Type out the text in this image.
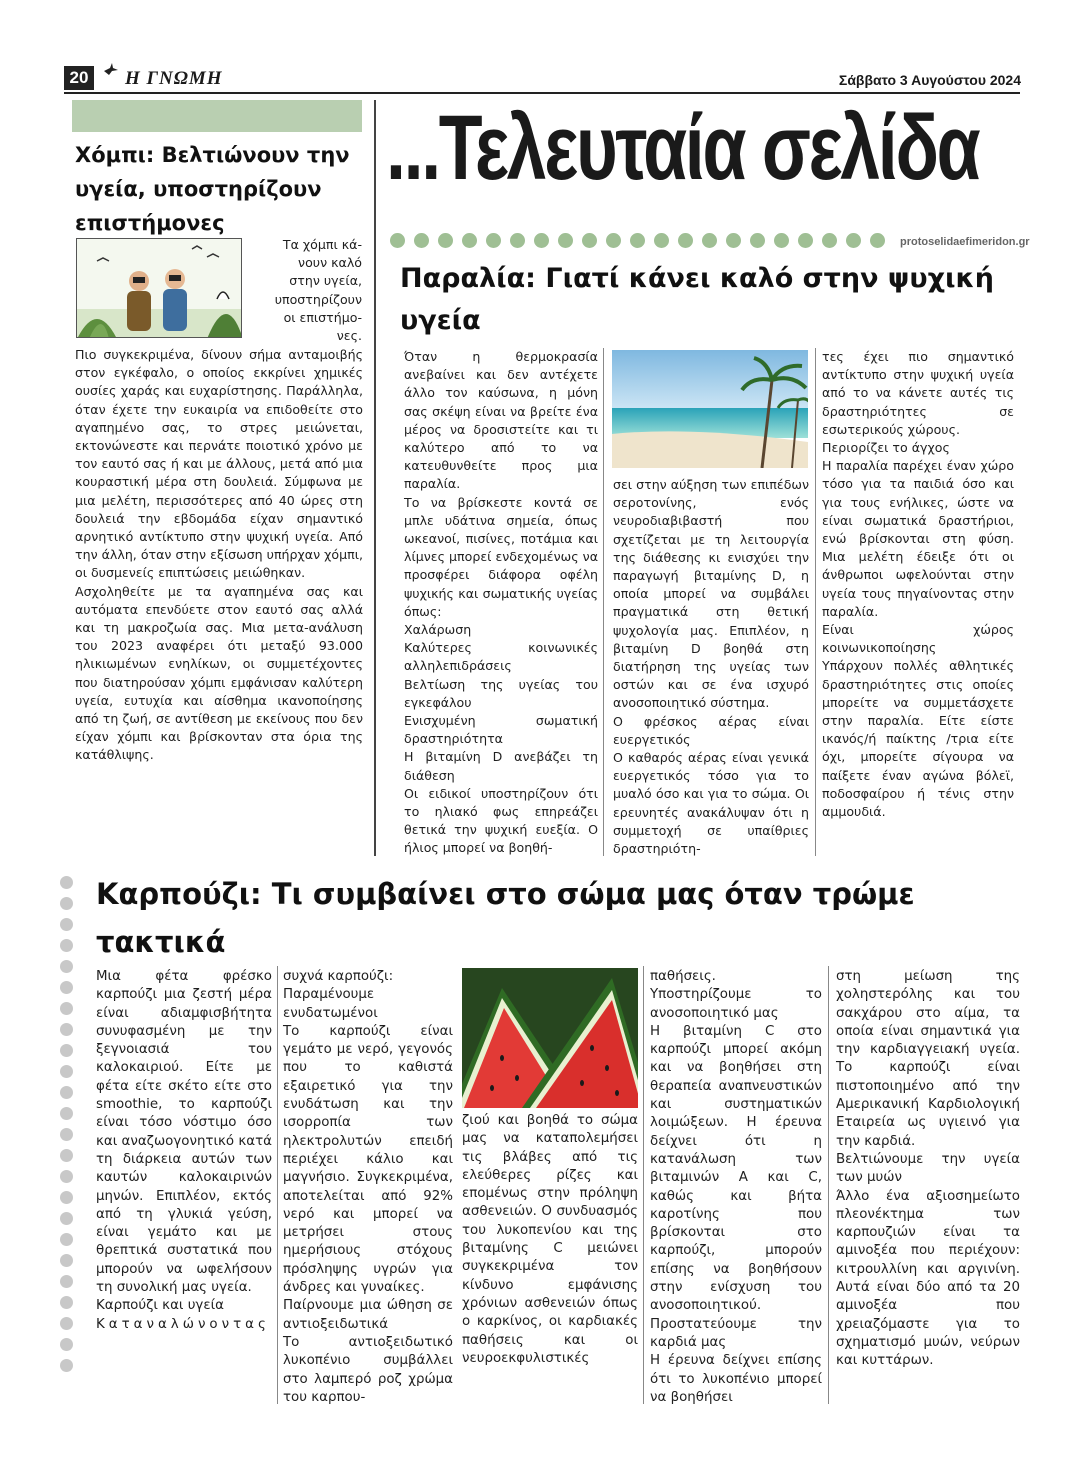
20 Η ΓΝΩΜΗ	Σάββατο 3 Αυγούστου 2024
Χόμπι: Βελτιώνουν την υγεία, υποστηρίζουν επιστήμονες
...Τελευταία σελίδα
protoselidaefimeridon.gr
Παραλία: Γιατί κάνει καλό στην ψυχική υγεία

Τα χόμπι κά-

νουν καλό

στην υγεία,

υποστηρίζουν

οι επιστήμο-

νες.

Πιο συγκεκριμένα, δίνουν σήμα ανταμοιβής στον εγκέφαλο, ο οποίος εκκρίνει χημικές ουσίες χαράς και ευχαρίστησης. Παράλληλα, όταν έχετε την ευκαιρία να επιδοθείτε στο αγαπημένο σας, το στρες μειώνεται, εκτονώνεστε και περνάτε ποιοτικό χρόνο με τον εαυτό σας ή και με άλλους, μετά από μια κουραστική μέρα στη δουλειά. Σύμφωνα με μια μελέτη, περισσότερες από 40 ώρες στη δουλειά την εβδομάδα είχαν σημαντικό αρνητικό αντίκτυπο στην ψυχική υγεία. Από την άλλη, όταν στην εξίσωση υπήρχαν χόμπι, οι δυσμενείς επιπτώσεις μειώθηκαν.

Ασχοληθείτε με τα αγαπημένα σας και αυτόματα επενδύετε στον εαυτό σας αλλά και τη μακροζωία σας. Μια μετα-ανάλυση του 2023 αναφέρει ότι μεταξύ 93.000 ηλικιωμένων ενηλίκων, οι συμμετέχοντες που διατηρούσαν χόμπι εμφάνισαν καλύτερη υγεία, ευτυχία και αίσθημα ικανοποίησης από τη ζωή, σε αντίθεση με εκείνους που δεν είχαν χόμπι και βρίσκονταν στα όρια της κατάθλιψης.

Όταν η θερμοκρασία ανεβαίνει και δεν αντέχετε άλλο τον καύσωνα, η μόνη σας σκέψη είναι να βρείτε ένα μέρος να δροσιστείτε και τι καλύτερο από το να κατευθυνθείτε προς μια παραλία.

Το να βρίσκεστε κοντά σε μπλε υδάτινα σημεία, όπως ωκεανοί, πισίνες, ποτάμια και λίμνες μπορεί ενδεχομένως να προσφέρει διάφορα οφέλη ψυχικής και σωματικής υγείας όπως:

Χαλάρωση

Καλύτερες κοινωνικές αλληλεπιδράσεις

Βελτίωση της υγείας του εγκεφάλου

Ενισχυμένη σωματική δραστηριότητα

Η βιταμίνη D ανεβάζει τη διάθεση

Οι ειδικοί υποστηρίζουν ότι το ηλιακό φως επηρεάζει θετικά την ψυχική ευεξία. Ο ήλιος μπορεί να βοηθή-

σει στην αύξηση των επιπέδων σεροτονίνης, ενός νευροδιαβιβαστή που σχετίζεται με τη λειτουργία της διάθεσης κι ενισχύει την παραγωγή βιταμίνης D, η οποία μπορεί να συμβάλει πραγματικά στη θετική ψυχολογία μας. Επιπλέον, η βιταμίνη D βοηθά στη διατήρηση της υγείας των οστών και σε ένα ισχυρό ανοσοποιητικό σύστημα.

Ο φρέσκος αέρας είναι ευεργετικός

Ο καθαρός αέρας είναι γενικά ευεργετικός τόσο για το μυαλό όσο και για το σώμα. Οι ερευνητές ανακάλυψαν ότι η συμμετοχή σε υπαίθριες δραστηριότη-

τες έχει πιο σημαντικό αντίκτυπο στην ψυχική υγεία από το να κάνετε αυτές τις δραστηριότητες σε εσωτερικούς χώρους.

Περιορίζει το άγχος

Η παραλία παρέχει έναν χώρο τόσο για τα παιδιά όσο και για τους ενήλικες, ώστε να είναι σωματικά δραστήριοι, ενώ βρίσκονται στη φύση. Μια μελέτη έδειξε ότι οι άνθρωποι ωφελούνται στην υγεία τους πηγαίνοντας στην παραλία.

Είναι χώρος κοινωνικοποίησης

Υπάρχουν πολλές αθλητικές δραστηριότητες στις οποίες μπορείτε να συμμετάσχετε στην παραλία. Είτε είστε ικανός/ή παίκτης /τρια είτε όχι, μπορείτε σίγουρα να παίξετε έναν αγώνα βόλεϊ, ποδοσφαίρου ή τένις στην αμμουδιά.

Καρπούζι: Τι συμβαίνει στο σώμα μας όταν τρώμε τακτικά

Μια φέτα φρέσκο καρπούζι μια ζεστή μέρα είναι αδιαμφισβήτητα συνυφασμένη με την ξεγνοιασιά του καλοκαιριού. Είτε με φέτα είτε σκέτο είτε στο smoothie, το καρπούζι είναι τόσο νόστιμο όσο και αναζωογονητικό κατά τη διάρκεια αυτών των καυτών καλοκαιρινών μηνών. Επιπλέον, εκτός από τη γλυκιά γεύση, είναι γεμάτο και με θρεπτικά συστατικά που μπορούν να ωφελήσουν τη συνολική μας υγεία.

Καρπούζι και υγεία

Καταναλώνοντας

συχνά καρπούζι:

Παραμένουμε ενυδατωμένοι

Το καρπούζι είναι γεμάτο με νερό, γεγονός που το καθιστά εξαιρετικό για την ενυδάτωση και την ισορροπία των ηλεκτρολυτών επειδή περιέχει κάλιο και μαγνήσιο. Συγκεκριμένα, αποτελείται από 92% νερό και μπορεί να μετρήσει στους ημερήσιους στόχους πρόσληψης υγρών για άνδρες και γυναίκες.

Παίρνουμε μια ώθηση σε αντιοξειδωτικά

Το αντιοξειδωτικό λυκοπένιο συμβάλλει στο λαμπερό ροζ χρώμα του καρπου-

ζιού και βοηθά το σώμα μας να καταπολεμήσει τις βλάβες από τις ελεύθερες ρίζες και επομένως στην πρόληψη ασθενειών. Ο συνδυασμός του λυκοπενίου και της βιταμίνης C μειώνει συγκεκριμένα τον κίνδυνο εμφάνισης χρόνιων ασθενειών όπως ο καρκίνος, οι καρδιακές παθήσεις και οι νευροεκφυλιστικές

παθήσεις.

Υποστηρίζουμε το ανοσοποιητικό μας

Η βιταμίνη C στο καρπούζι μπορεί ακόμη και να βοηθήσει στη θεραπεία αναπνευστικών και συστηματικών λοιμώξεων. Η έρευνα δείχνει ότι η κατανάλωση των βιταμινών A και C, καθώς και βήτα καροτίνης που βρίσκονται στο καρπούζι, μπορούν επίσης να βοηθήσουν στην ενίσχυση του ανοσοποιητικού.

Προστατεύουμε την καρδιά μας

Η έρευνα δείχνει επίσης ότι το λυκοπένιο μπορεί να βοηθήσει

στη μείωση της χοληστερόλης και του σακχάρου στο αίμα, τα οποία είναι σημαντικά για την καρδιαγγειακή υγεία. Το καρπούζι είναι πιστοποιημένο από την Αμερικανική Καρδιολογική Εταιρεία ως υγιεινό για την καρδιά.

Βελτιώνουμε την υγεία των μυών

Άλλο ένα αξιοσημείωτο πλεονέκτημα των καρπουζιών είναι τα αμινοξέα που περιέχουν: κιτρουλλίνη και αργινίνη. Αυτά είναι δύο από τα 20 αμινοξέα που χρειαζόμαστε για το σχηματισμό μυών, νεύρων και κυττάρων.
